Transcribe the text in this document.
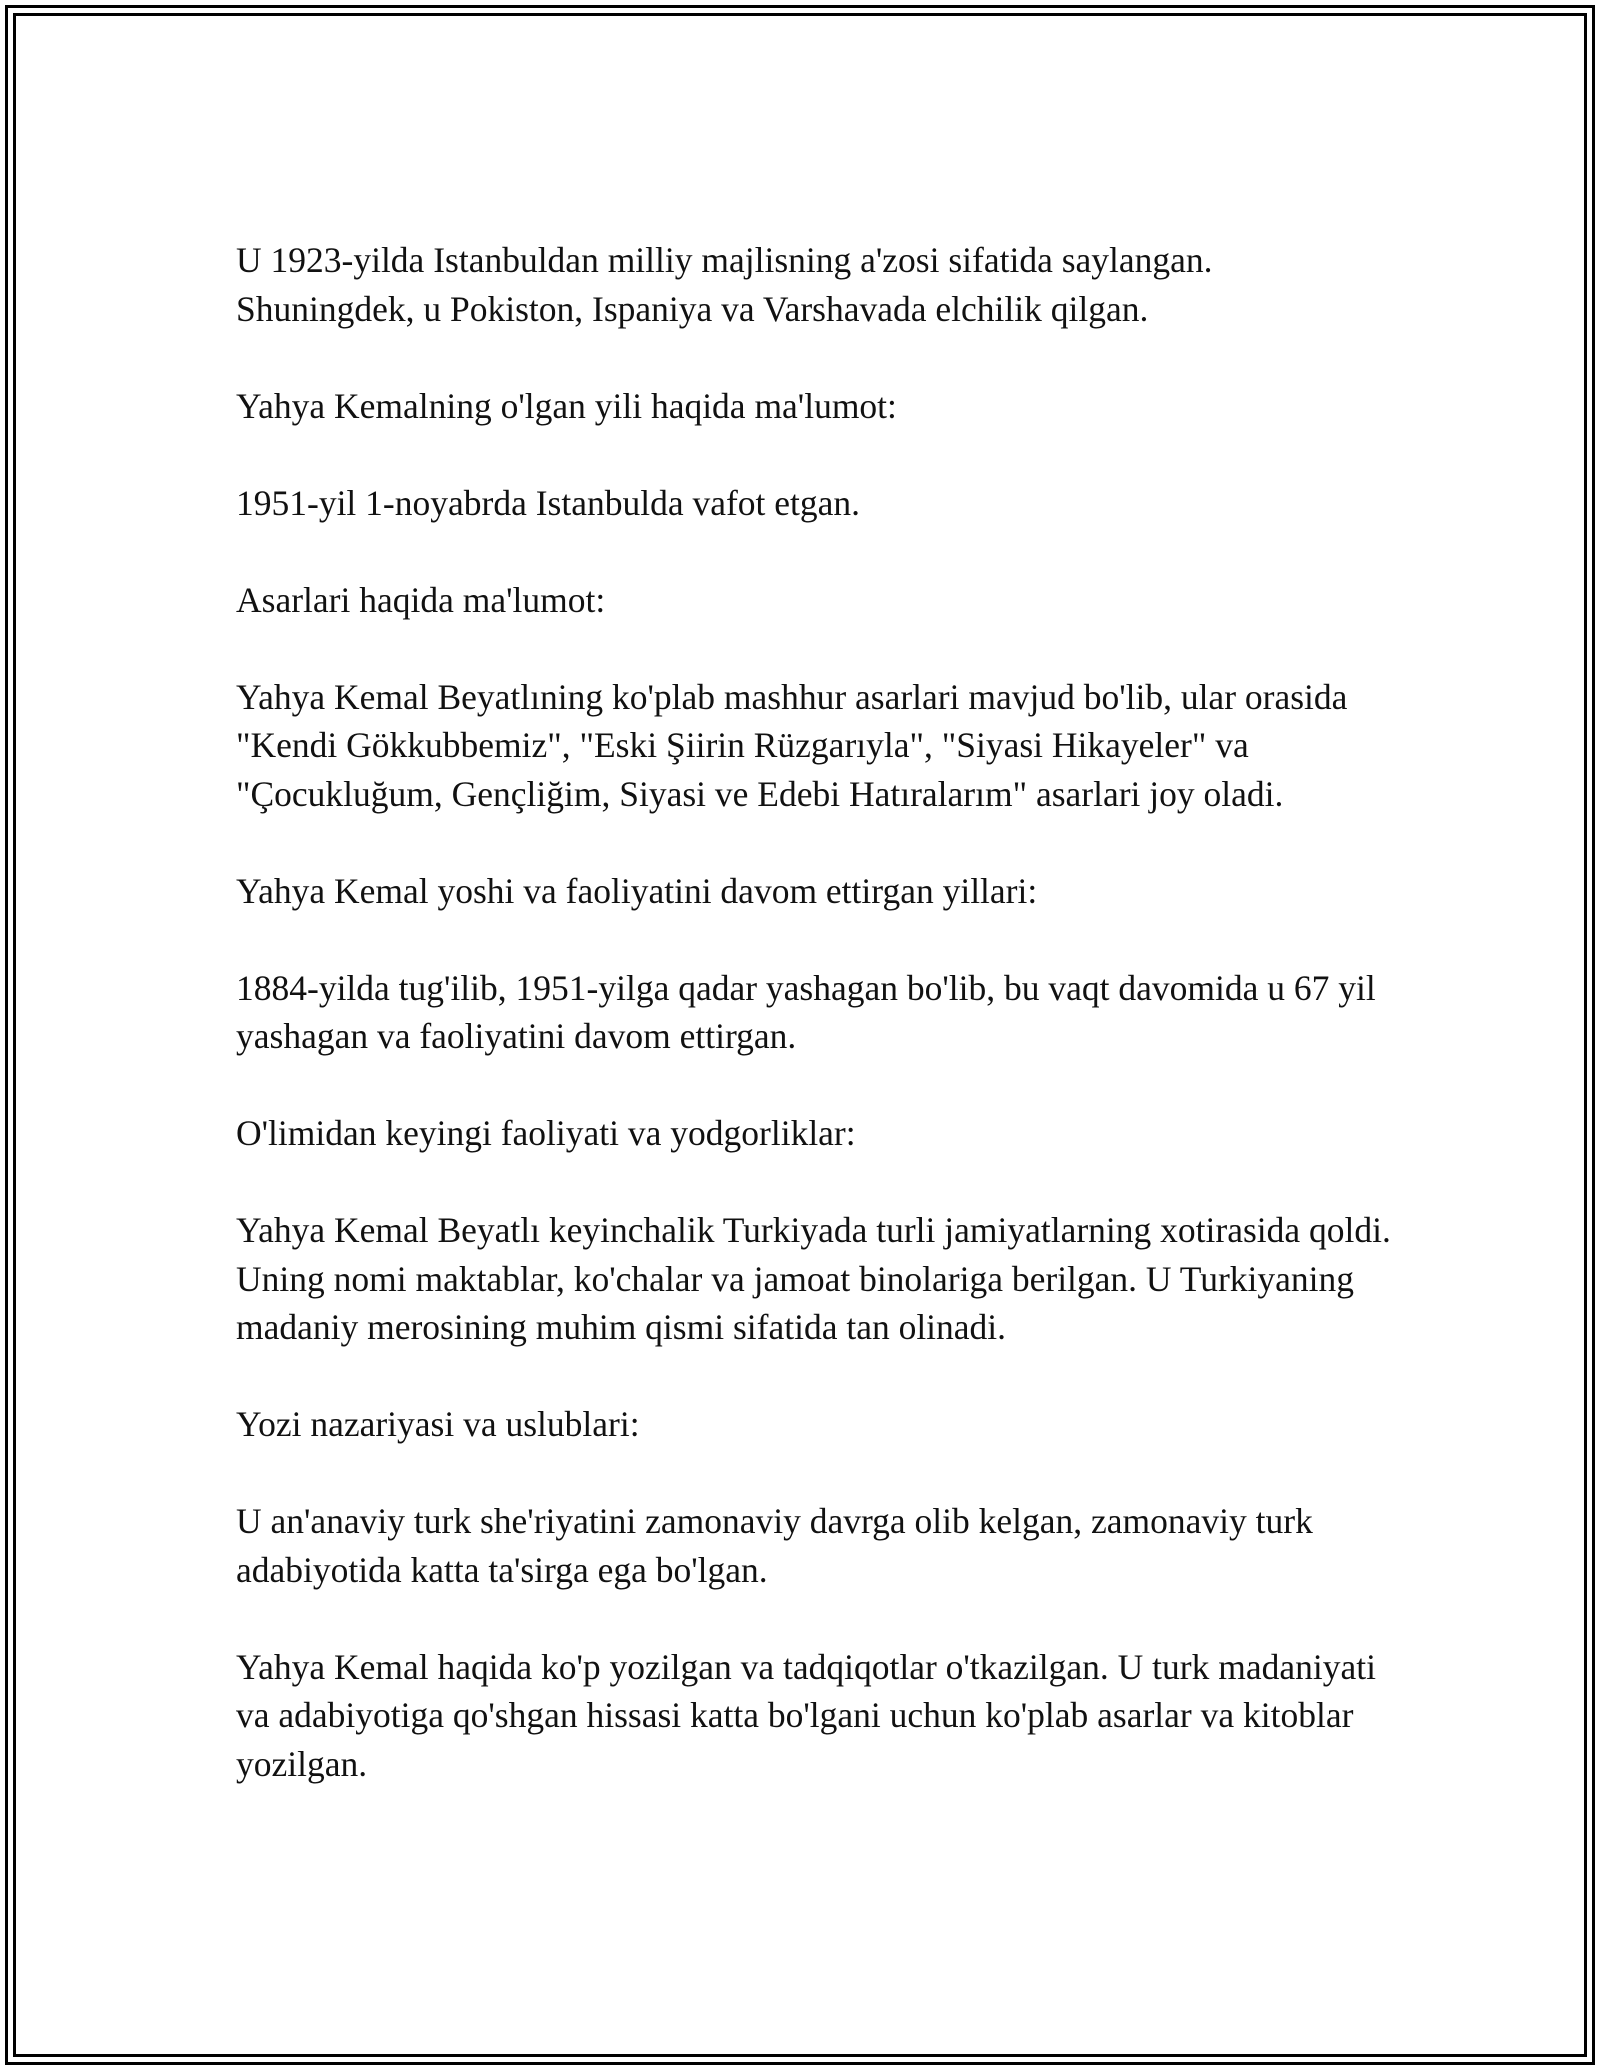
U 1923-yilda Istanbuldan milliy majlisning a'zosi sifatida saylangan. Shuningdek, u Pokiston, Ispaniya va Varshavada elchilik qilgan.

Yahya Kemalning o'lgan yili haqida ma'lumot:

1951-yil 1-noyabrda Istanbulda vafot etgan.

Asarlari haqida ma'lumot:

Yahya Kemal Beyatlıning ko'plab mashhur asarlari mavjud bo'lib, ular orasida "Kendi Gökkubbemiz", "Eski Şiirin Rüzgarıyla", "Siyasi Hikayeler" va "Çocukluğum, Gençliğim, Siyasi ve Edebi Hatıralarım" asarlari joy oladi.

Yahya Kemal yoshi va faoliyatini davom ettirgan yillari:

1884-yilda tug'ilib, 1951-yilga qadar yashagan bo'lib, bu vaqt davomida u 67 yil yashagan va faoliyatini davom ettirgan.

O'limidan keyingi faoliyati va yodgorliklar:

Yahya Kemal Beyatlı keyinchalik Turkiyada turli jamiyatlarning xotirasida qoldi. Uning nomi maktablar, ko'chalar va jamoat binolariga berilgan. U Turkiyaning madaniy merosining muhim qismi sifatida tan olinadi.

Yozi nazariyasi va uslublari:

U an'anaviy turk she'riyatini zamonaviy davrga olib kelgan, zamonaviy turk adabiyotida katta ta'sirga ega bo'lgan.

Yahya Kemal haqida ko'p yozilgan va tadqiqotlar o'tkazilgan. U turk madaniyati va adabiyotiga qo'shgan hissasi katta bo'lgani uchun ko'plab asarlar va kitoblar yozilgan.
